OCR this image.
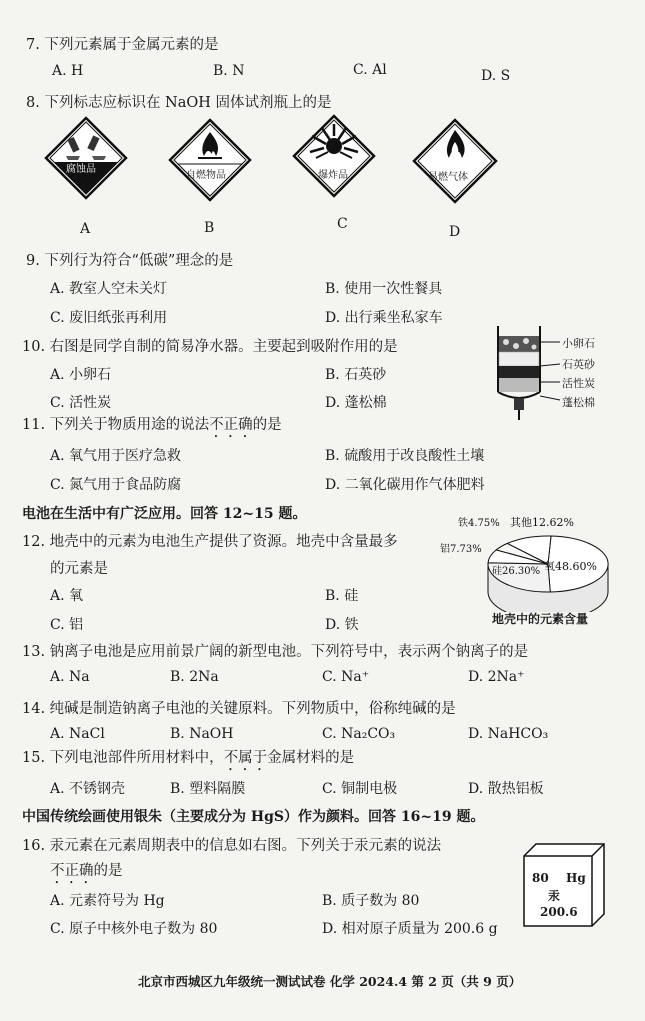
7. 下列元素属于金属元素的是
A. H	B. N	C. Al	D. S
8. 下列标志应标识在 NaOH 固体试剂瓶上的是
腐蚀品
自燃物品	爆炸品	易燃气体
A	B	C	D
9. 下列行为符合“低碳”理念的是
A. 教室人空未关灯	B. 使用一次性餐具
C. 废旧纸张再利用	D. 出行乘坐私家车
10. 右图是同学自制的简易净水器。主要起到吸附作用的是
A. 小卵石	B. 石英砂
C. 活性炭	D. 蓬松棉
小卵石
石英砂
活性炭
蓬松棉
11. 下列关于物质用途的说法不正确的是
A. 氧气用于医疗急救	B. 硫酸用于改良酸性土壤
C. 氮气用于食品防腐	D. 二氧化碳用作气体肥料
电池在生活中有广泛应用。回答 12~15 题。
12. 地壳中的元素为电池生产提供了资源。地壳中含量最多
的元素是
A. 氧	B. 硅
C. 铝	D. 铁
硅26.30% 氧48.60%
铁4.75%
铝7.73%
其他12.62%
地壳中的元素含量
13. 钠离子电池是应用前景广阔的新型电池。下列符号中，表示两个钠离子的是
A. Na	B. 2Na	C. Na⁺	D. 2Na⁺
14. 纯碱是制造钠离子电池的关键原料。下列物质中，俗称纯碱的是
A. NaCl	B. NaOH	C. Na₂CO₃	D. NaHCO₃
15. 下列电池部件所用材料中，不属于金属材料的是
A. 不锈钢壳	B. 塑料隔膜	C. 铜制电极	D. 散热铝板
中国传统绘画使用银朱（主要成分为 HgS）作为颜料。回答 16~19 题。
16. 汞元素在元素周期表中的信息如右图。下列关于汞元素的说法
不正确的是
A. 元素符号为 Hg	B. 质子数为 80
C. 原子中核外电子数为 80	D. 相对原子质量为 200.6 g
80 Hg
汞
200.6
北京市西城区九年级统一测试试卷 化学 2024.4 第 2 页（共 9 页）
